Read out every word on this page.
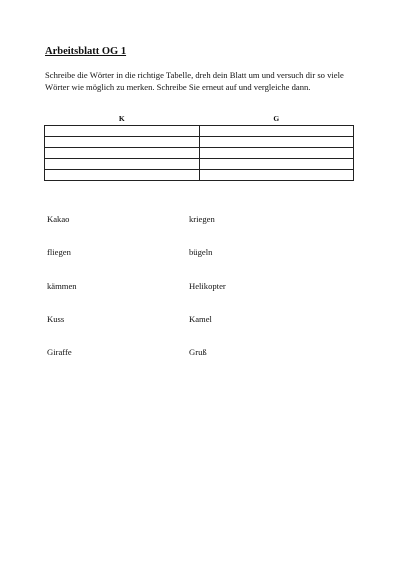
Arbeitsblatt OG 1
Schreibe die Wörter in die richtige Tabelle, dreh dein Blatt um und versuch dir so viele Wörter wie möglich zu merken. Schreibe Sie erneut auf und vergleiche dann.
K	G

Kakao	kriegen
fliegen	bügeln
kämmen	Helikopter
Kuss	Kamel
Giraffe	Gruß
